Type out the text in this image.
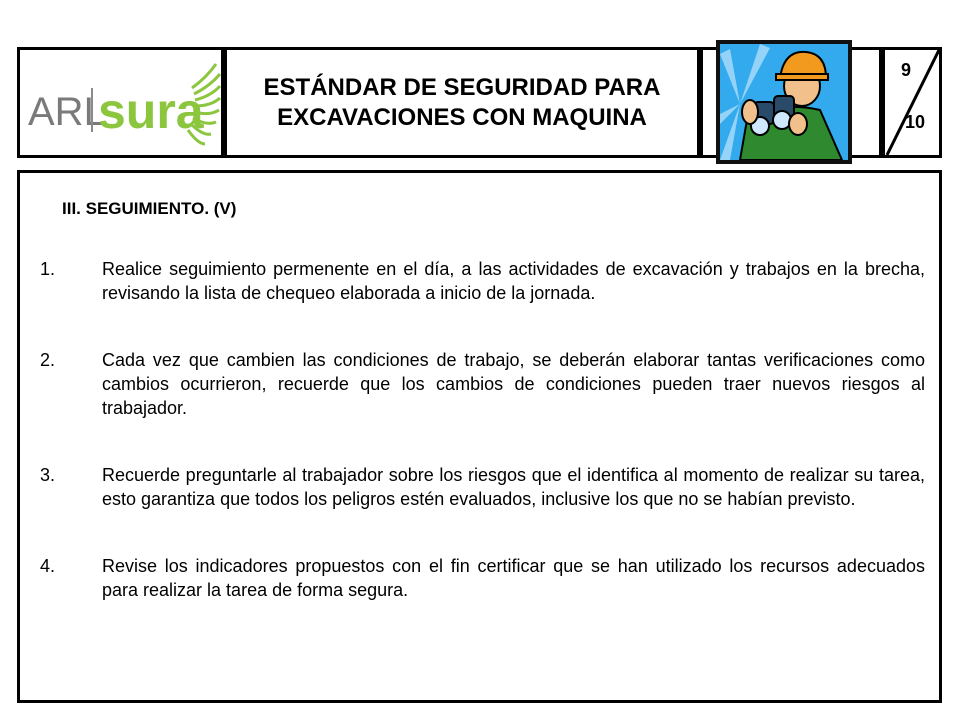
ARL
sura	ESTÁNDAR DE SEGURIDAD PARA EXCAVACIONES CON MAQUINA
9
10
III. SEGUIMIENTO. (V)
1.	Realice seguimiento permenente en el día, a las actividades de excavación y trabajos en la brecha, revisando la lista de chequeo elaborada a inicio de la jornada.
2.	Cada vez que cambien las condiciones de trabajo, se deberán elaborar tantas verificaciones como cambios ocurrieron, recuerde que los cambios de condiciones pueden traer nuevos riesgos al trabajador.
3.	Recuerde preguntarle al trabajador sobre los riesgos que el identifica al momento de realizar su tarea, esto garantiza que todos los peligros estén evaluados, inclusive los que no se habían previsto.
4.	Revise los indicadores propuestos con el fin certificar que se han utilizado los recursos adecuados para realizar la tarea de forma segura.
